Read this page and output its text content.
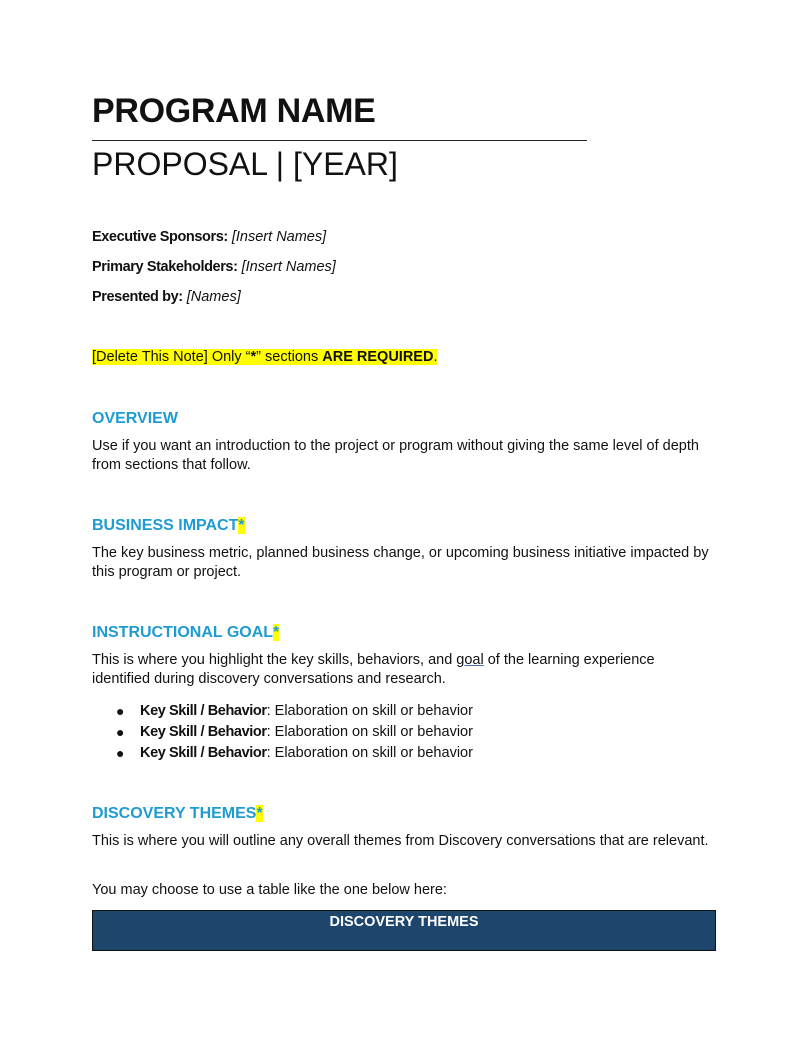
PROGRAM NAME
PROPOSAL | [YEAR]
Executive Sponsors: [Insert Names]
Primary Stakeholders: [Insert Names]
Presented by: [Names]
[Delete This Note] Only “*” sections ARE REQUIRED.
OVERVIEW
Use if you want an introduction to the project or program without giving the same level of depth from sections that follow.
BUSINESS IMPACT*
The key business metric, planned business change, or upcoming business initiative impacted by this program or project.
INSTRUCTIONAL GOAL*
This is where you highlight the key skills, behaviors, and goal of the learning experience identified during discovery conversations and research.
● Key Skill / Behavior: Elaboration on skill or behavior
● Key Skill / Behavior: Elaboration on skill or behavior
● Key Skill / Behavior: Elaboration on skill or behavior
DISCOVERY THEMES*
This is where you will outline any overall themes from Discovery conversations that are relevant.
You may choose to use a table like the one below here:
DISCOVERY THEMES
